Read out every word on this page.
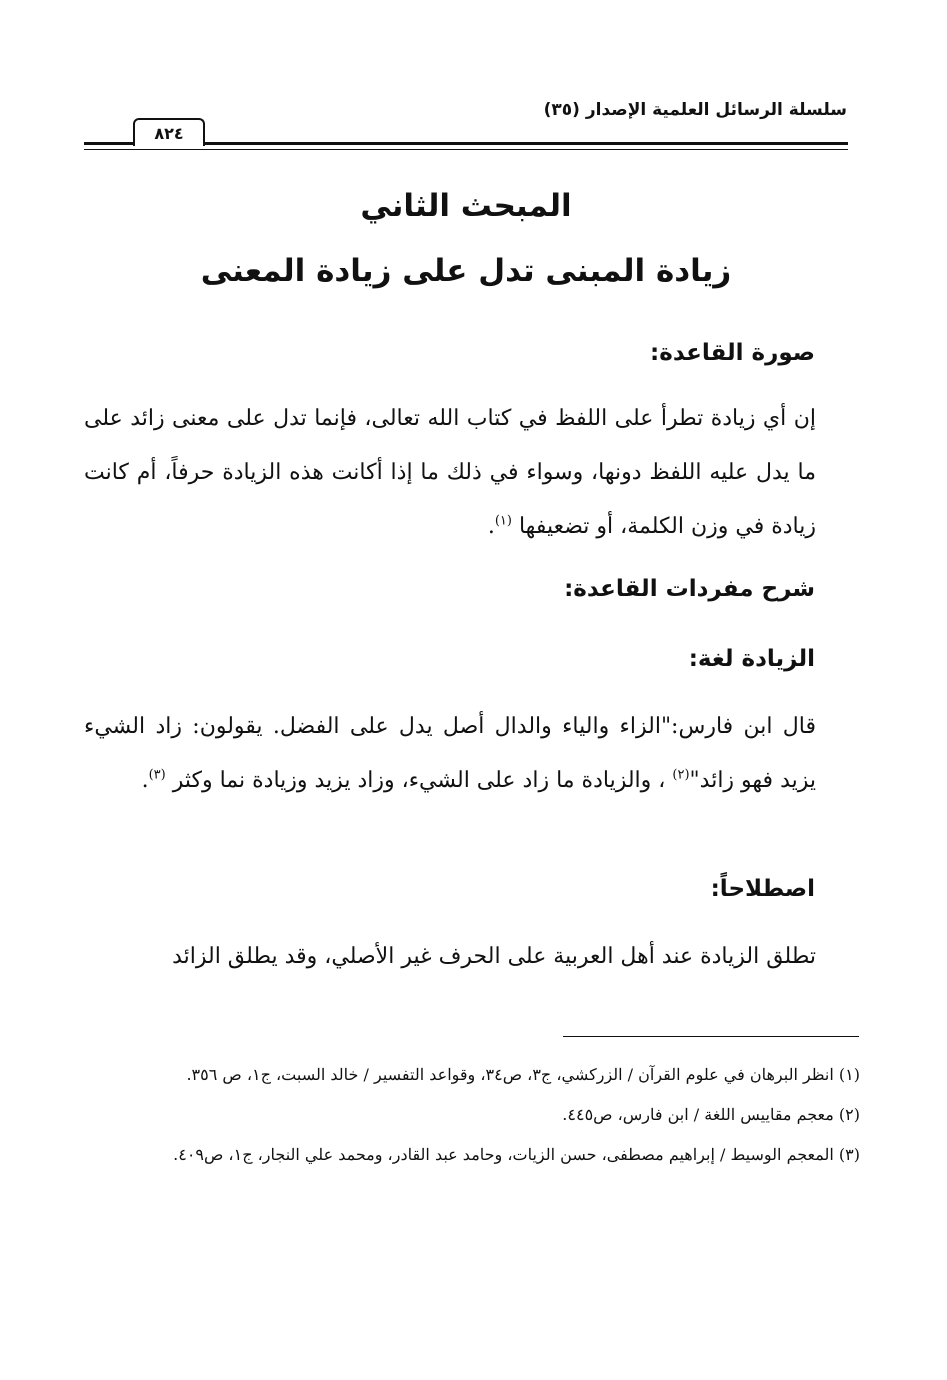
سلسلة الرسائل العلمية الإصدار (٣٥)
٨٢٤
المبحث الثاني
زيادة المبنى تدل على زيادة المعنى
صورة القاعدة:
إن أي زيادة تطرأ على اللفظ في كتاب الله تعالى، فإنما تدل على معنى زائد على ما يدل عليه اللفظ دونها، وسواء في ذلك ما إذا أكانت هذه الزيادة حرفاً، أم كانت زيادة في وزن الكلمة، أو تضعيفها $^{(١)}$.
شرح مفردات القاعدة:
الزيادة لغة:
قال ابن فارس:"الزاء والياء والدال أصل يدل على الفضل. يقولون: زاد الشيء يزيد فهو زائد"$^{(٢)}$ ، والزيادة ما زاد على الشيء، وزاد يزيد وزيادة نما وكثر $^{(٣)}$.
اصطلاحاً:
تطلق الزيادة عند أهل العربية على الحرف غير الأصلي، وقد يطلق الزائد

(١) انظر البرهان في علوم القرآن / الزركشي، ج٣، ص٣٤، وقواعد التفسير / خالد السبت، ج١، ص ٣٥٦.

(٢) معجم مقاييس اللغة / ابن فارس، ص٤٤٥.

(٣) المعجم الوسيط / إبراهيم مصطفى، حسن الزيات، وحامد عبد القادر، ومحمد علي النجار، ج١، ص٤٠٩.
